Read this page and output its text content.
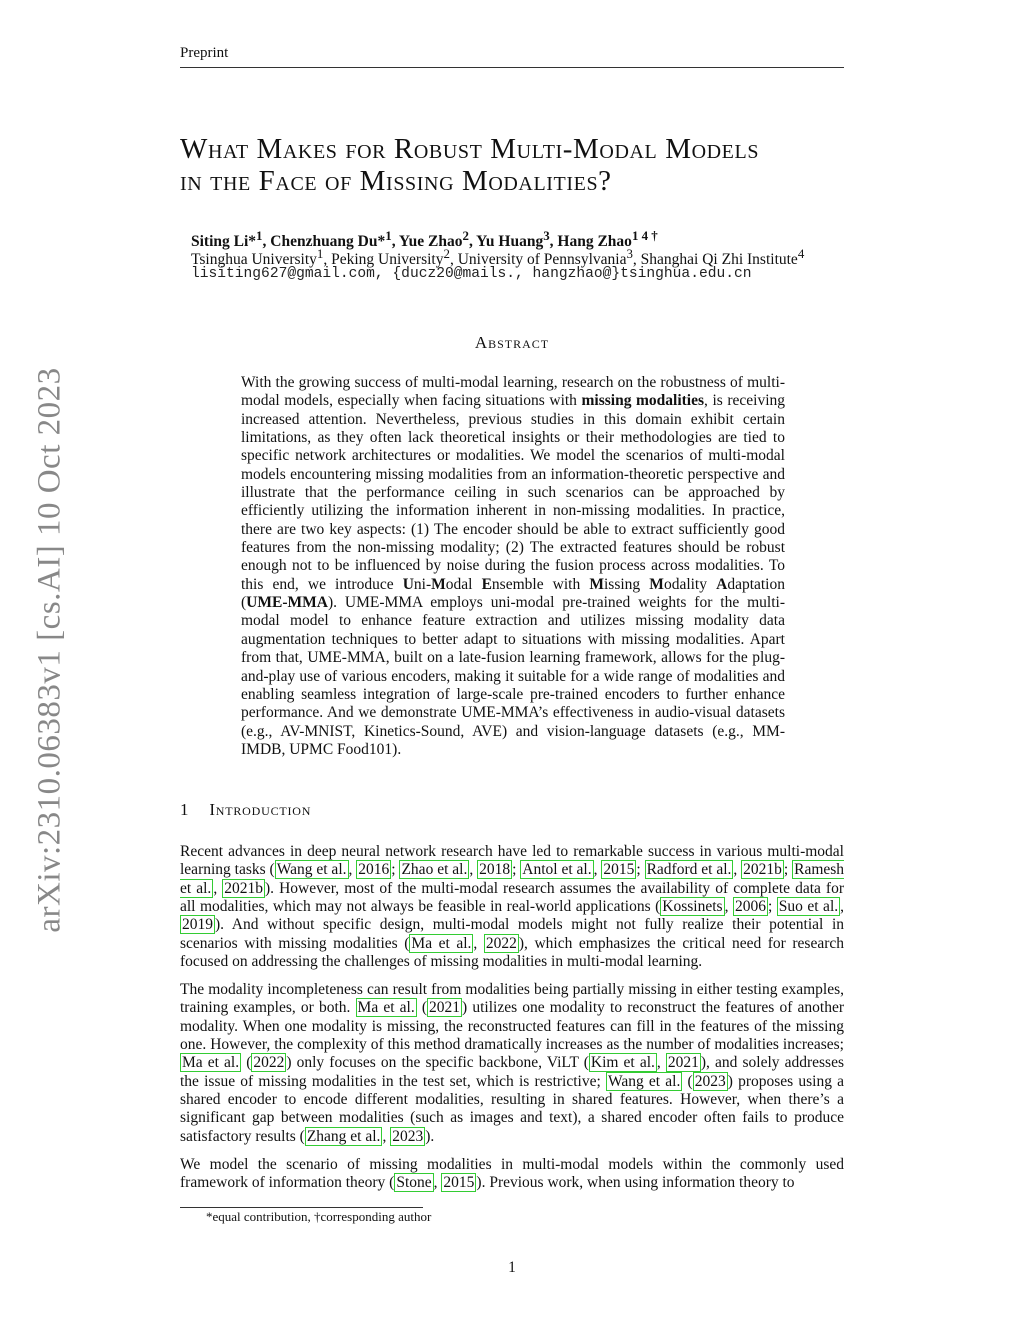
Preprint
arXiv:2310.06383v1 [cs.AI] 10 Oct 2023
What Makes for Robust Multi-Modal Models
in the Face of Missing Modalities?
Siting Li*$^1$, Chenzhuang Du*$^1$, Yue Zhao$^2$, Yu Huang$^3$, Hang Zhao$^{1 4 \dagger}$
Tsinghua University$^1$, Peking University$^2$, University of Pennsylvania$^3$, Shanghai Qi Zhi Institute$^4$
lisiting627@gmail.com, {ducz20@mails., hangzhao@}tsinghua.edu.cn
Abstract
With the growing success of multi-modal learning, research on the robustness of multi-modal models, especially when facing situations with missing modalities, is receiving increased attention. Nevertheless, previous studies in this domain exhibit certain limitations, as they often lack theoretical insights or their methodologies are tied to specific network architectures or modalities. We model the scenarios of multi-modal models encountering missing modalities from an information-theoretic perspective and illustrate that the performance ceiling in such scenarios can be approached by efficiently utilizing the information inherent in non-missing modalities. In practice, there are two key aspects: (1) The encoder should be able to extract sufficiently good features from the non-missing modality; (2) The extracted features should be robust enough not to be influenced by noise during the fusion process across modalities. To this end, we introduce Uni-Modal Ensemble with Missing Modality Adaptation (UME-MMA). UME-MMA employs uni-modal pre-trained weights for the multi-modal model to enhance feature extraction and utilizes missing modality data augmentation techniques to better adapt to situations with missing modalities. Apart from that, UME-MMA, built on a late-fusion learning framework, allows for the plug-and-play use of various encoders, making it suitable for a wide range of modalities and enabling seamless integration of large-scale pre-trained encoders to further enhance performance. And we demonstrate UME-MMA’s effectiveness in audio-visual datasets (e.g., AV-MNIST, Kinetics-Sound, AVE) and vision-language datasets (e.g., MM-IMDB, UPMC Food101).
1 Introduction
Recent advances in deep neural network research have led to remarkable success in various multi-modal learning tasks ( Wang et al. , 2016 ; Zhao et al. , 2018 ; Antol et al. , 2015 ; Radford et al. , 2021b ; Ramesh et al. , 2021b ). However, most of the multi-modal research assumes the availability of complete data for all modalities, which may not always be feasible in real-world applications ( Kossinets , 2006 ; Suo et al. , 2019 ). And without specific design, multi-modal models might not fully realize their potential in scenarios with missing modalities ( Ma et al. , 2022 ), which emphasizes the critical need for research focused on addressing the challenges of missing modalities in multi-modal learning.
The modality incompleteness can result from modalities being partially missing in either testing examples, training examples, or both. Ma et al. ( 2021 ) utilizes one modality to reconstruct the features of another modality. When one modality is missing, the reconstructed features can fill in the features of the missing one. However, the complexity of this method dramatically increases as the number of modalities increases; Ma et al. ( 2022 ) only focuses on the specific backbone, ViLT ( Kim et al. , 2021 ), and solely addresses the issue of missing modalities in the test set, which is restrictive; Wang et al. ( 2023 ) proposes using a shared encoder to encode different modalities, resulting in shared features. However, when there’s a significant gap between modalities (such as images and text), a shared encoder often fails to produce satisfactory results ( Zhang et al. , 2023 ).
We model the scenario of missing modalities in multi-modal models within the commonly used framework of information theory ( Stone , 2015 ). Previous work, when using information theory to
*equal contribution, †corresponding author
1
